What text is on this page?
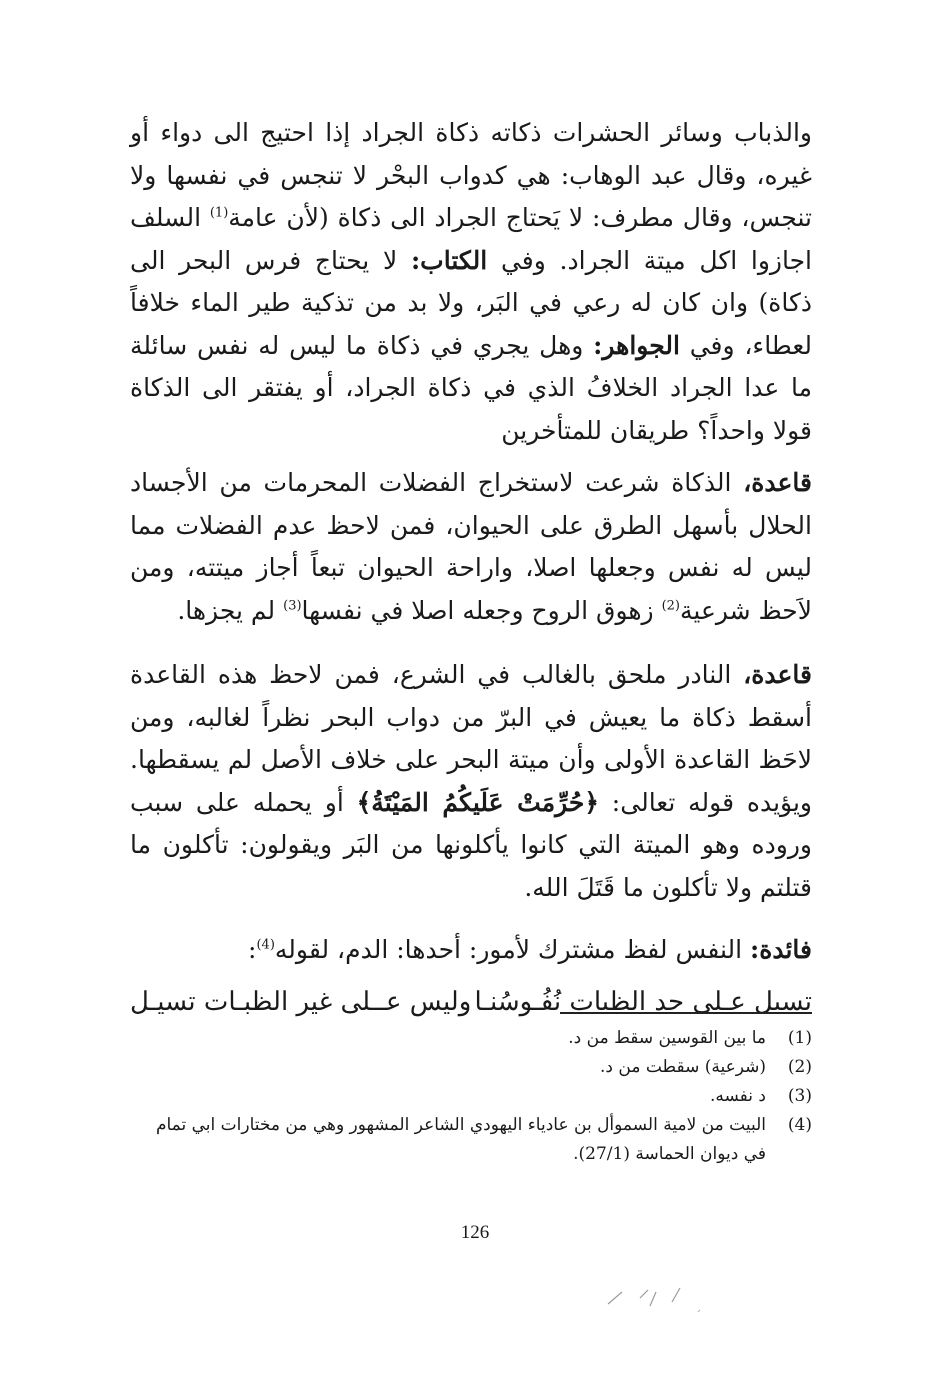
والذباب وسائر الحشرات ذكاته ذكاة الجراد إذا احتيج الى دواء أو غيره، وقال عبد الوهاب: هي كدواب البحْر لا تنجس في نفسها ولا تنجس، وقال مطرف: لا يَحتاج الجراد الى ذكاة (لأن عامة$^{(1)}$ السلف اجازوا اكل ميتة الجراد. وفي الكتاب: لا يحتاج فرس البحر الى ذكاة) وان كان له رعي في البَر، ولا بد من تذكية طير الماء خلافاً لعطاء، وفي الجواهر: وهل يجري في ذكاة ما ليس له نفس سائلة ما عدا الجراد الخلافُ الذي في ذكاة الجراد، أو يفتقر الى الذكاة قولا واحداً؟ طريقان للمتأخرين

قاعدة، الذكاة شرعت لاستخراج الفضلات المحرمات من الأجساد الحلال بأسهل الطرق على الحيوان، فمن لاحظ عدم الفضلات مما ليس له نفس وجعلها اصلا، واراحة الحيوان تبعاً أجاز ميتته، ومن لاَحظ شرعية$^{(2)}$ زهوق الروح وجعله اصلا في نفسها$^{(3)}$ لم يجزها.

قاعدة، النادر ملحق بالغالب في الشرع، فمن لاحظ هذه القاعدة أسقط ذكاة ما يعيش في البرّ من دواب البحر نظراً لغالبه، ومن لاحَظ القاعدة الأولى وأن ميتة البحر على خلاف الأصل لم يسقطها. ويؤيده قوله تعالى: ﴿حُرِّمَتْ عَلَيكُمُ المَيْتَةُ﴾ أو يحمله على سبب وروده وهو الميتة التي كانوا يأكلونها من البَر ويقولون: تأكلون ما قتلتم ولا تأكلون ما قَتَلَ الله.

فائدة: النفس لفظ مشترك لأمور: أحدها: الدم، لقوله$^{(4)}$:

تسيل عـلى حد الظبات نُفُـوسُنـا
وليس عــلى غير الظبـات تسيـل
(1)
ما بين القوسين سقط من د.
(2)
(شرعية) سقطت من د.
(3)
د نفسه.
(4)
البيت من لامية السموأل بن عادياء اليهودي الشاعر المشهور وهي من مختارات ابي تمام في ديوان الحماسة (27/1).
126
